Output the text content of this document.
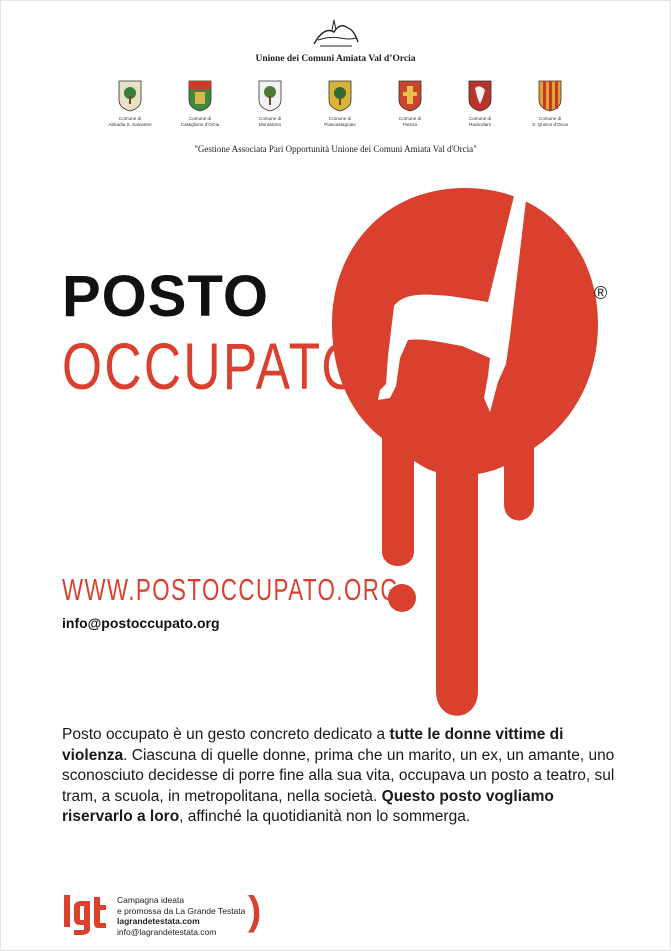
Unione dei Comuni Amiata Val d’Orcia
Comune di
Abbadia S. Salvatore
Comune di
Castiglione d'Orcia
Comune di
Montalcino
Comune di
Piancastagnaio
Comune di
Pienza
Comune di
Radicofani
Comune di
S. Quirico d'Orcia
"Gestione Associata Pari Opportunità Unione dei Comuni Amiata Val d'Orcia"
POSTO
OCCUPATO
®
WWW.POSTOCCUPATO.ORG
info@postoccupato.org
Posto occupato è un gesto concreto dedicato a tutte le donne vittime di violenza. Ciascuna di quelle donne, prima che un marito, un ex, un amante, uno sconosciuto decidesse di porre fine alla sua vita, occupava un posto a teatro, sul tram, a scuola, in metropolitana, nella società. Questo posto vogliamo riservarlo a loro, affinché la quotidianità non lo sommerga.
Campagna ideata
e promossa da La Grande Testata
lagrandetestata.com
info@lagrandetestata.com )
